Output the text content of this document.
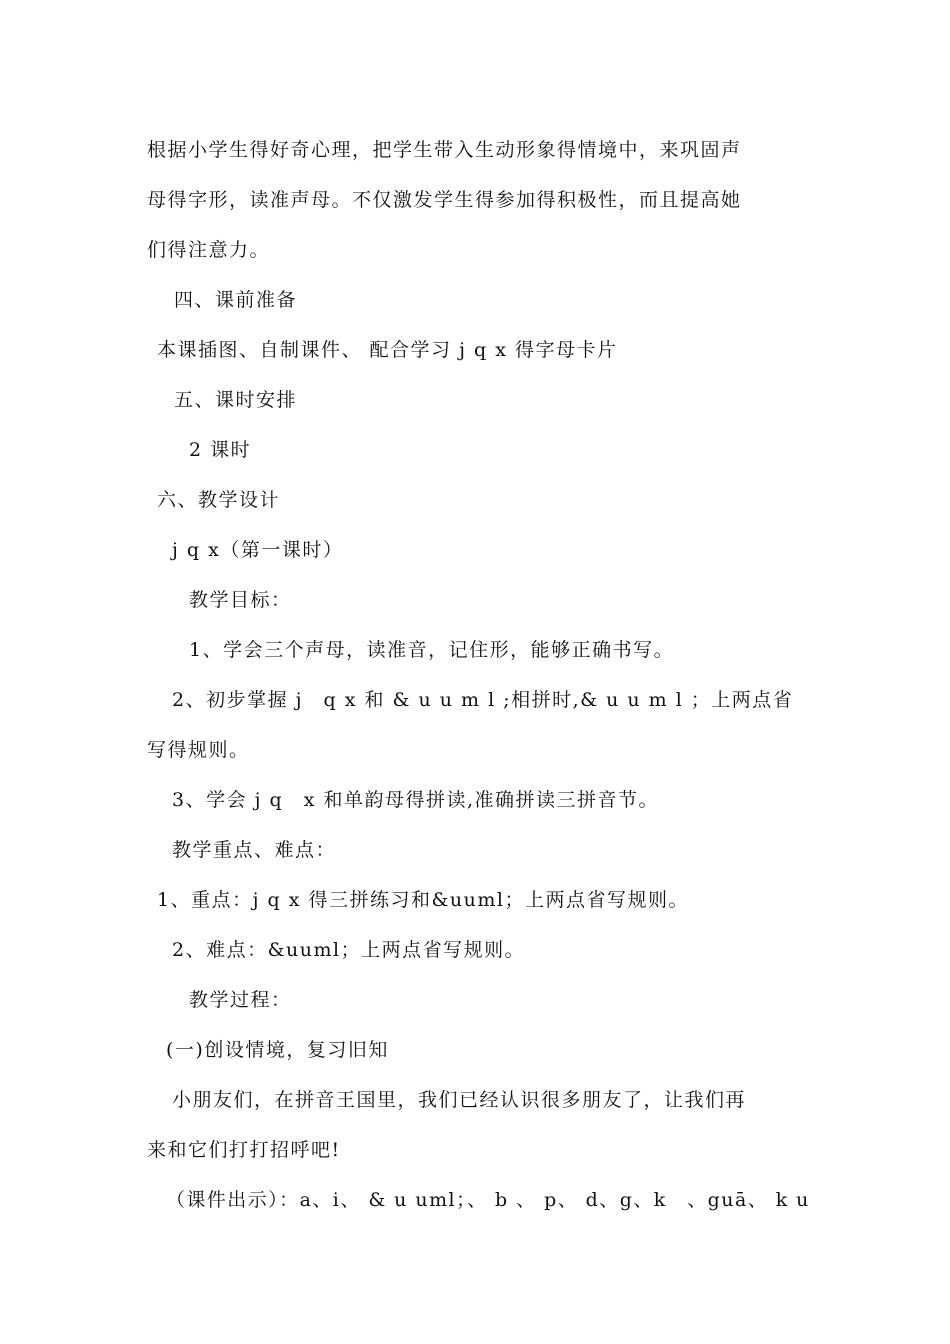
根据小学生得好奇心理，把学生带入生动形象得情境中，来巩固声
母得字形，读准声母。不仅激发学生得参加得积极性，而且提高她
们得注意力。
四、课前准备
本课插图、自制课件、 配合学习 j q x 得字母卡片
五、课时安排
2 课时
六、教学设计
j q x（第一课时）
教学目标：
1、学会三个声母，读准音，记住形，能够正确书写。
2、初步掌握 j　q x 和 & u u m l ;相拼时,& u u m l ；上两点省
写得规则。
3、学会 j q　x 和单韵母得拼读,准确拼读三拼音节。
教学重点、难点：
1、重点：j q x 得三拼练习和&uuml；上两点省写规则。
2、难点：&uuml；上两点省写规则。
教学过程：
(一)创设情境，复习旧知
小朋友们，在拼音王国里，我们已经认识很多朋友了，让我们再
来和它们打打招呼吧!
（课件出示）：a、i、 & u uml；、 b 、 p、 d、g、k　、guā、 k u
